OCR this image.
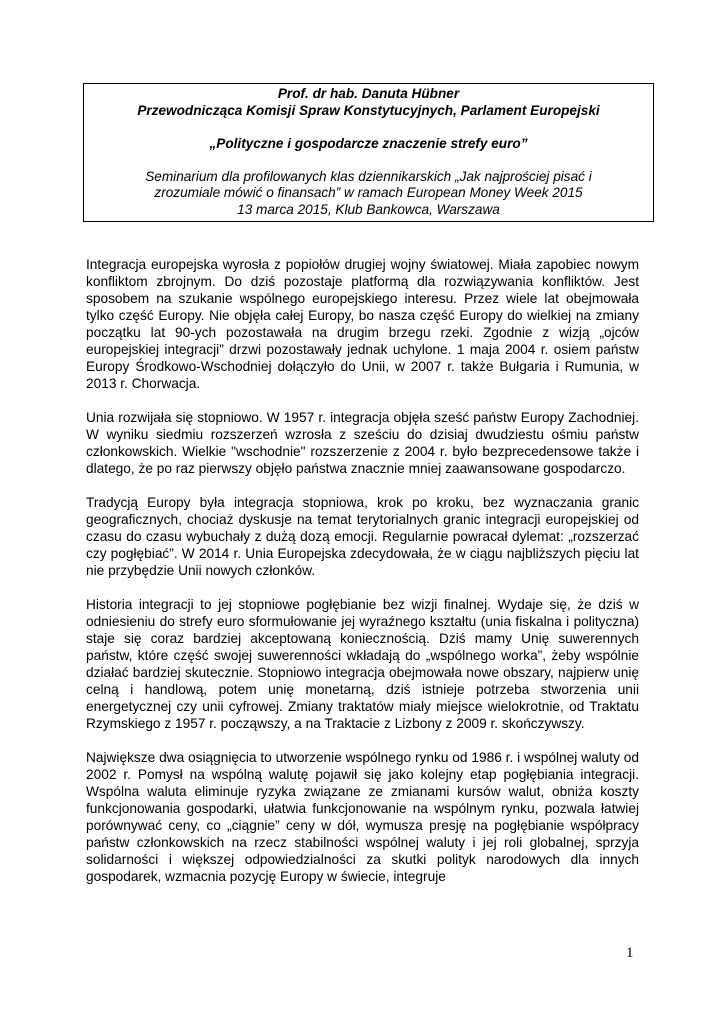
Prof. dr hab. Danuta Hübner
Przewodnicząca Komisji Spraw Konstytucyjnych, Parlament Europejski
„Polityczne i gospodarcze znaczenie strefy euro”
Seminarium dla profilowanych klas dziennikarskich „Jak najprościej pisać i
zrozumiale mówić o finansach” w ramach European Money Week 2015
13 marca 2015, Klub Bankowca, Warszawa

Integracja europejska wyrosła z popiołów drugiej wojny światowej. Miała zapobiec nowym konfliktom zbrojnym. Do dziś pozostaje platformą dla rozwiązywania konfliktów. Jest sposobem na szukanie wspólnego europejskiego interesu. Przez wiele lat obejmowała tylko część Europy. Nie objęła całej Europy, bo nasza część Europy do wielkiej na zmiany początku lat 90-ych pozostawała na drugim brzegu rzeki. Zgodnie z wizją „ojców europejskiej integracji” drzwi pozostawały jednak uchylone. 1 maja 2004 r. osiem państw Europy Środkowo-Wschodniej dołączyło do Unii, w 2007 r. także Bułgaria i Rumunia, w 2013 r. Chorwacja.

Unia rozwijała się stopniowo. W 1957 r. integracja objęła sześć państw Europy Zachodniej. W wyniku siedmiu rozszerzeń wzrosła z sześciu do dzisiaj dwudziestu ośmiu państw członkowskich. Wielkie "wschodnie" rozszerzenie z 2004 r. było bezprecedensowe także i dlatego, że po raz pierwszy objęło państwa znacznie mniej zaawansowane gospodarczo.

Tradycją Europy była integracja stopniowa, krok po kroku, bez wyznaczania granic geograficznych, chociaż dyskusje na temat terytorialnych granic integracji europejskiej od czasu do czasu wybuchały z dużą dozą emocji. Regularnie powracał dylemat: „rozszerzać czy pogłębiać”. W 2014 r. Unia Europejska zdecydowała, że w ciągu najbliższych pięciu lat nie przybędzie Unii nowych członków.

Historia integracji to jej stopniowe pogłębianie bez wizji finalnej. Wydaje się, że dziś w odniesieniu do strefy euro sformułowanie jej wyraźnego kształtu (unia fiskalna i polityczna) staje się coraz bardziej akceptowaną koniecznością. Dziś mamy Unię suwerennych państw, które część swojej suwerenności wkładają do „wspólnego worka”, żeby wspólnie działać bardziej skutecznie. Stopniowo integracja obejmowała nowe obszary, najpierw unię celną i handlową, potem unię monetarną, dziś istnieje potrzeba stworzenia unii energetycznej czy unii cyfrowej. Zmiany traktatów miały miejsce wielokrotnie, od Traktatu Rzymskiego z 1957 r. począwszy, a na Traktacie z Lizbony z 2009 r. skończywszy.

Największe dwa osiągnięcia to utworzenie wspólnego rynku od 1986 r. i wspólnej waluty od 2002 r. Pomysł na wspólną walutę pojawił się jako kolejny etap pogłębiania integracji. Wspólna waluta eliminuje ryzyka związane ze zmianami kursów walut, obniża koszty funkcjonowania gospodarki, ułatwia funkcjonowanie na wspólnym rynku, pozwala łatwiej porównywać ceny, co „ciągnie” ceny w dół, wymusza presję na pogłębianie współpracy państw członkowskich na rzecz stabilności wspólnej waluty i jej roli globalnej, sprzyja solidarności i większej odpowiedzialności za skutki polityk narodowych dla innych gospodarek, wzmacnia pozycję Europy w świecie, integruje

1
